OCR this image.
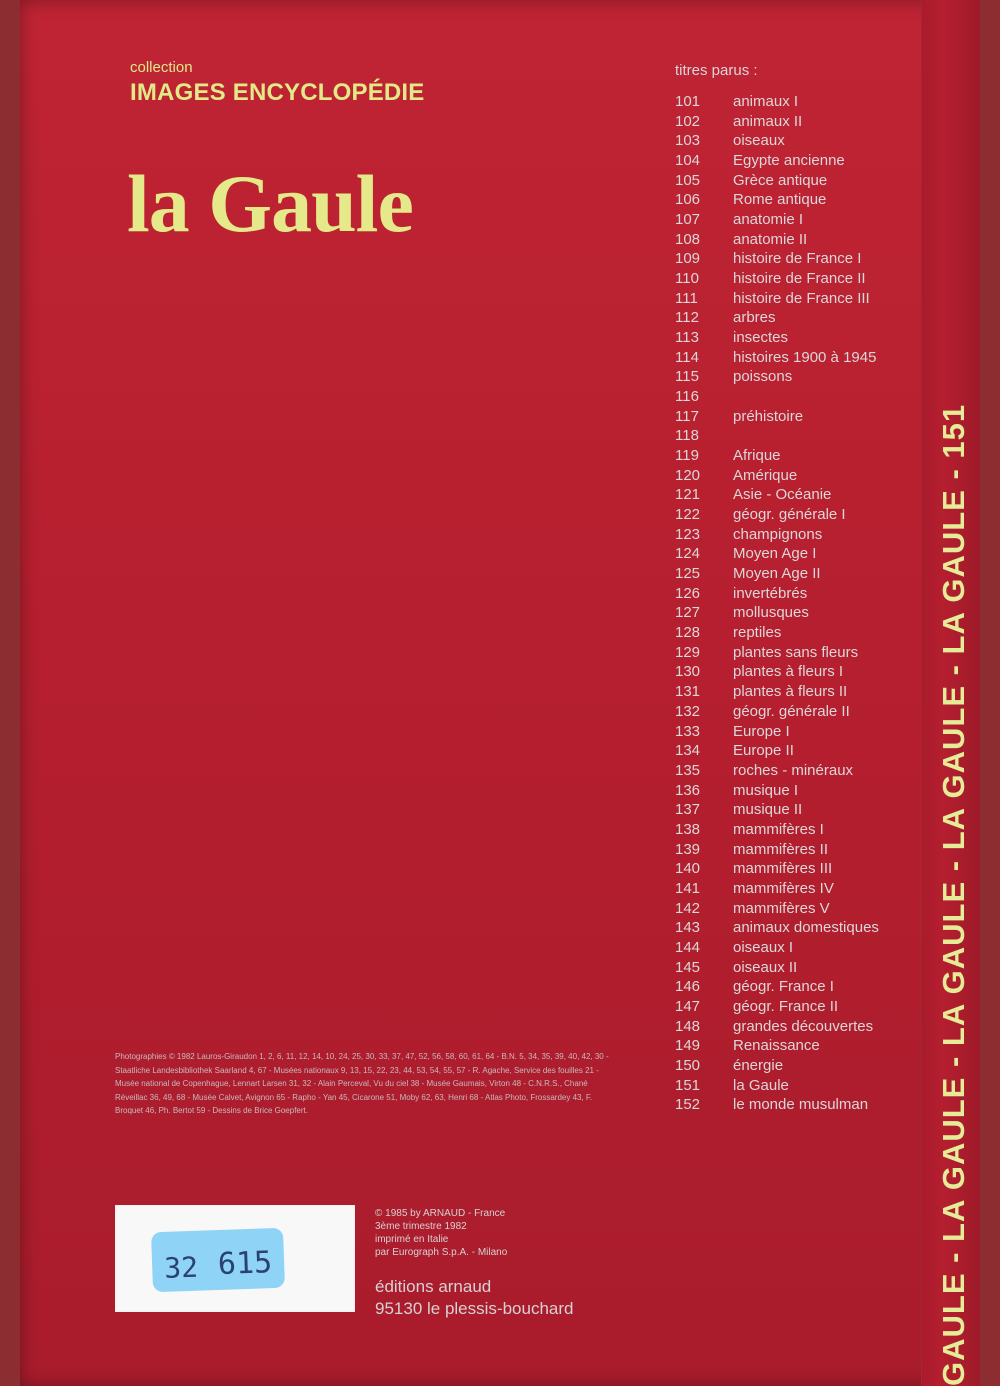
collection
IMAGES ENCYCLOPÉDIE
la Gaule
titres parus :
101 animaux I
102 animaux II
103 oiseaux
104 Egypte ancienne
105 Grèce antique
106 Rome antique
107 anatomie I
108 anatomie II
109 histoire de France I
110 histoire de France II
111 histoire de France III
112 arbres
113 insectes
114 histoires 1900 à 1945
115 poissons
116
117 préhistoire
118
119 Afrique
120 Amérique
121 Asie - Océanie
122 géogr. générale I
123 champignons
124 Moyen Age I
125 Moyen Age II
126 invertébrés
127 mollusques
128 reptiles
129 plantes sans fleurs
130 plantes à fleurs I
131 plantes à fleurs II
132 géogr. générale II
133 Europe I
134 Europe II
135 roches - minéraux
136 musique I
137 musique II
138 mammifères I
139 mammifères II
140 mammifères III
141 mammifères IV
142 mammifères V
143 animaux domestiques
144 oiseaux I
145 oiseaux II
146 géogr. France I
147 géogr. France II
148 grandes découvertes
149 Renaissance
150 énergie
151 la Gaule
152 le monde musulman
Photographies © 1982 Lauros-Giraudon 1, 2, 6, 11, 12, 14, 10, 24, 25, 30, 33, 37, 47, 52, 56, 58, 60, 61, 64 - B.N. 5, 34, 35, 39, 40, 42, 30 - Staatliche Landesbibliothek Saarland 4, 67 - Musées nationaux 9, 13, 15, 22, 23, 44, 53, 54, 55, 57 - R. Agache, Service des fouilles 21 - Musée national de Copenhague, Lennart Larsen 31, 32 - Alain Perceval, Vu du ciel 38 - Musée Gaumais, Virton 48 - C.N.R.S., Chané Réveillac 36, 49, 68 - Musée Calvet, Avignon 65 - Rapho - Yan 45, Cicarone 51, Moby 62, 63, Henri 68 - Atlas Photo, Frossardey 43, F. Broquet 46, Ph. Bertot 59 - Dessins de Brice Goepfert.
32 615
© 1985 by ARNAUD - France
3ème trimestre 1982
imprimé en Italie
par Eurograph S.p.A. - Milano
éditions arnaud
95130 le plessis-bouchard	GAULE - LA GAULE - LA GAULE - LA GAULE - LA GAULE - 151
